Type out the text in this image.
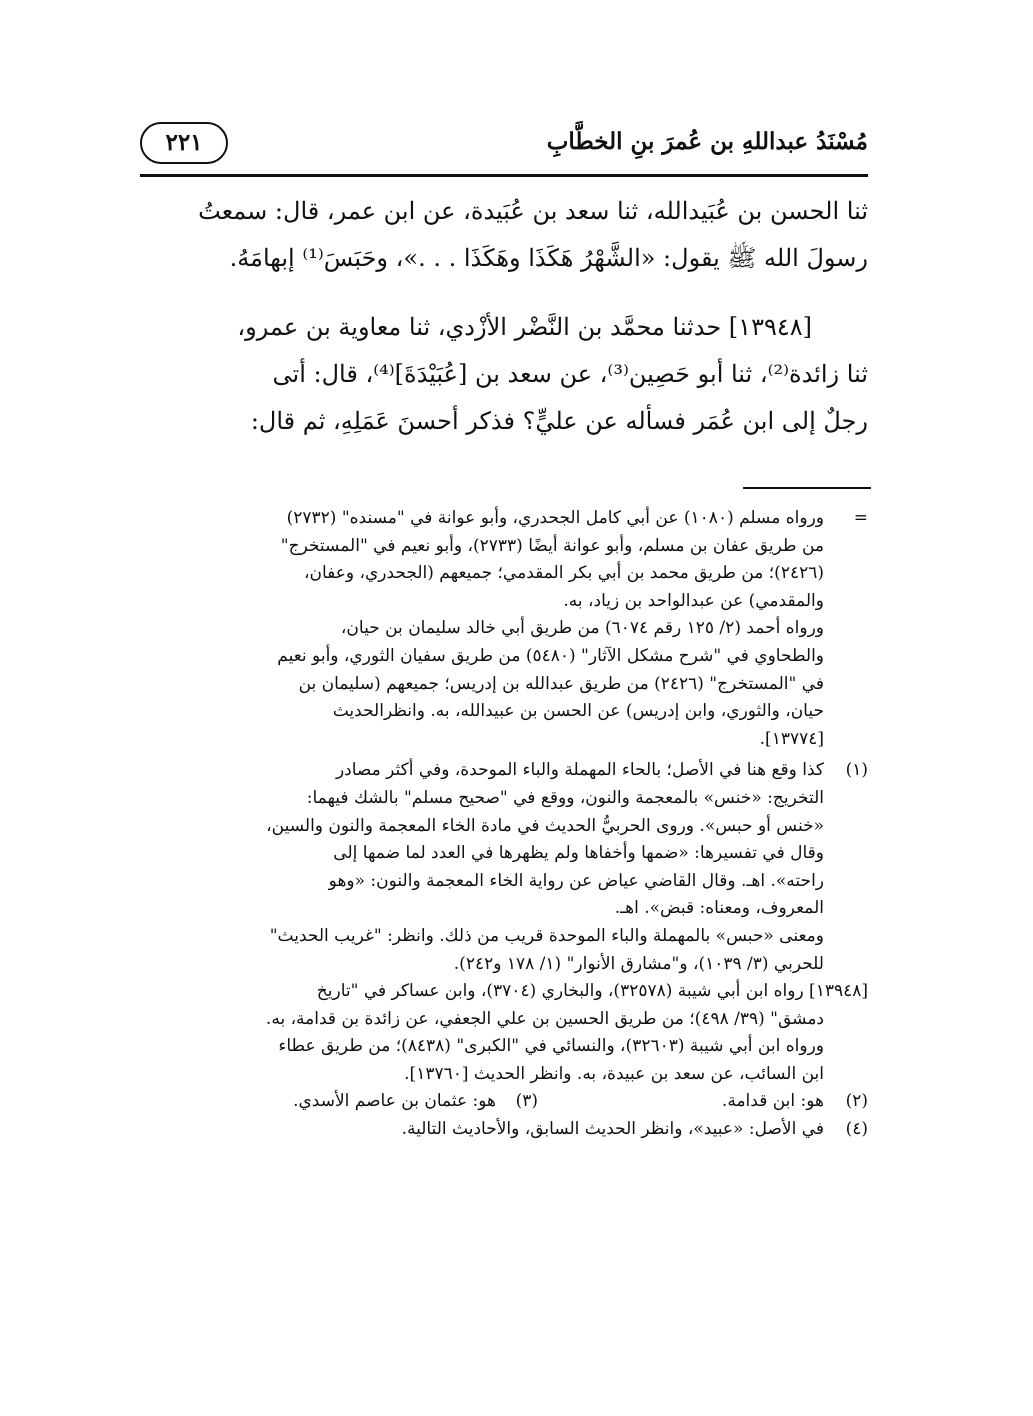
مُسْنَدُ عبداللهِ بن عُمرَ بنِ الخطَّابِ
٢٢١

ثنا الحسن بن عُبَيدالله، ثنا سعد بن عُبَيدة، عن ابن عمر، قال: سمعتُ

رسولَ الله ﷺ يقول: «الشَّهْرُ هَكَذَا وهَكَذَا . . .»، وحَبَسَ⁽¹⁾ إبهامَهُ.

[١٣٩٤٨] حدثنا محمَّد بن النَّضْر الأزْدي، ثنا معاوية بن عمرو،

ثنا زائدة⁽²⁾، ثنا أبو حَصِين⁽³⁾، عن سعد بن [عُبَيْدَةَ]⁽⁴⁾، قال: أتى

رجلٌ إلى ابن عُمَر فسأله عن عليٍّ؟ فذكر أحسنَ عَمَلِهِ، ثم قال:

=

ورواه مسلم (١٠٨٠) عن أبي كامل الجحدري، وأبو عوانة في "مسنده" (٢٧٣٢)

من طريق عفان بن مسلم، وأبو عوانة أيضًا (٢٧٣٣)، وأبو نعيم في "المستخرج"

(٢٤٢٦)؛ من طريق محمد بن أبي بكر المقدمي؛ جميعهم (الجحدري، وعفان،

والمقدمي) عن عبدالواحد بن زياد، به.

ورواه أحمد (٢/ ١٢٥ رقم ٦٠٧٤) من طريق أبي خالد سليمان بن حيان،

والطحاوي في "شرح مشكل الآثار" (٥٤٨٠) من طريق سفيان الثوري، وأبو نعيم

في "المستخرج" (٢٤٢٦) من طريق عبدالله بن إدريس؛ جميعهم (سليمان بن

حيان، والثوري، وابن إدريس) عن الحسن بن عبيدالله، به. وانظرالحديث

[١٣٧٧٤].

(١)

كذا وقع هنا في الأصل؛ بالحاء المهملة والباء الموحدة، وفي أكثر مصادر

التخريج: «خنس» بالمعجمة والنون، ووقع في "صحيح مسلم" بالشك فيهما:

«خنس أو حبس». وروى الحربيُّ الحديث في مادة الخاء المعجمة والنون والسين،

وقال في تفسيرها: «ضمها وأخفاها ولم يظهرها في العدد لما ضمها إلى

راحته». اهـ. وقال القاضي عياض عن رواية الخاء المعجمة والنون: «وهو

المعروف، ومعناه: قبض». اهـ.

ومعنى «حبس» بالمهملة والباء الموحدة قريب من ذلك. وانظر: "غريب الحديث"

للحربي (٣/ ١٠٣٩)، و"مشارق الأنوار" (١/ ١٧٨ و٢٤٢).

[١٣٩٤٨] رواه ابن أبي شيبة (٣٢٥٧٨)، والبخاري (٣٧٠٤)، وابن عساكر في "تاريخ

دمشق" (٣٩/ ٤٩٨)؛ من طريق الحسين بن علي الجعفي، عن زائدة بن قدامة، به.

ورواه ابن أبي شيبة (٣٢٦٠٣)، والنسائي في "الكبرى" (٨٤٣٨)؛ من طريق عطاء

ابن السائب، عن سعد بن عبيدة، به. وانظر الحديث [١٣٧٦٠].

(٢)
هو: ابن قدامة.
(٣)
هو: عثمان بن عاصم الأسدي.
(٤)

في الأصل: «عبيد»، وانظر الحديث السابق، والأحاديث التالية.
